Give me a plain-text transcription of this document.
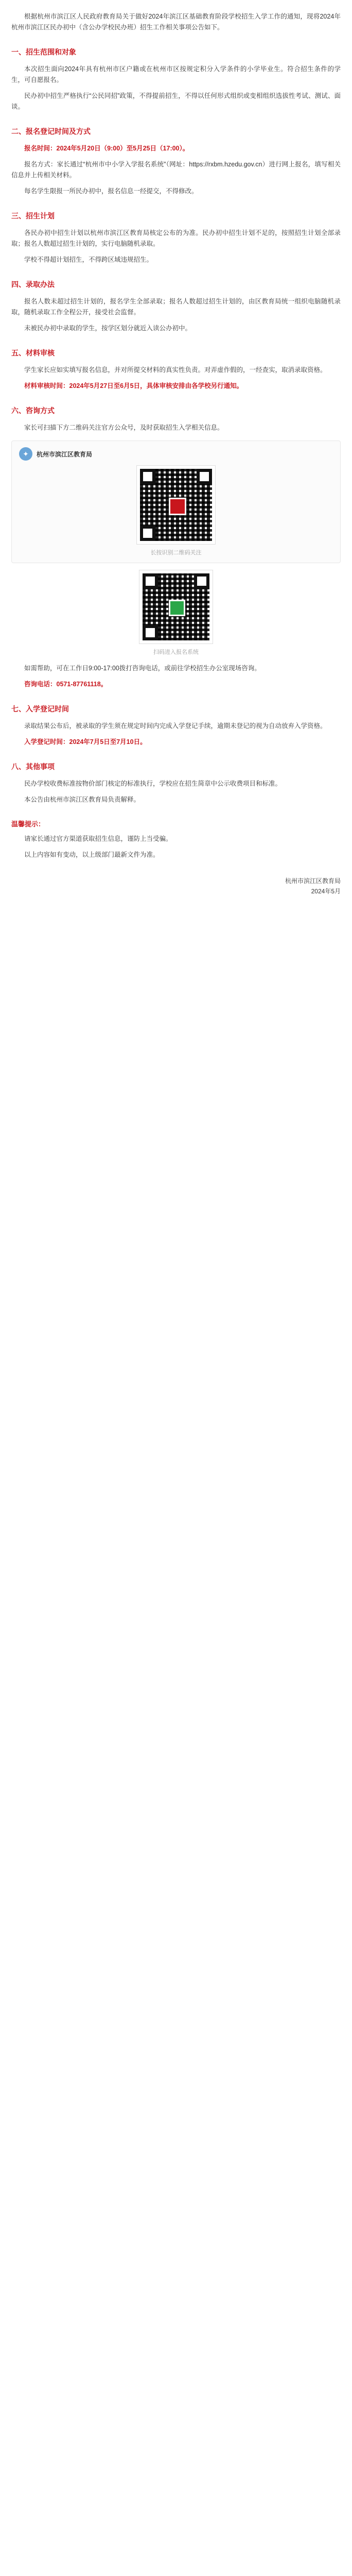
根据杭州市滨江区人民政府教育局关于做好2024年滨江区基础教育阶段学校招生入学工作的通知，现将2024年杭州市滨江区民办初中（含公办学校民办班）招生工作相关事项公告如下。

一、招生范围和对象

本次招生面向2024年具有杭州市区户籍或在杭州市区按规定积分入学条件的小学毕业生。符合招生条件的学生，可自愿报名。

民办初中招生严格执行“公民同招”政策，不得提前招生，不得以任何形式组织或变相组织选拔性考试、测试、面谈。

二、报名登记时间及方式

报名时间：2024年5月20日（9:00）至5月25日（17:00）。

报名方式：家长通过“杭州市中小学入学报名系统”（网址：https://rxbm.hzedu.gov.cn）进行网上报名，填写相关信息并上传相关材料。

每名学生限报一所民办初中，报名信息一经提交，不得修改。

三、招生计划

各民办初中招生计划以杭州市滨江区教育局核定公布的为准。民办初中招生计划不足的，按照招生计划全部录取；报名人数超过招生计划的，实行电脑随机录取。

学校不得超计划招生，不得跨区域违规招生。

四、录取办法

报名人数未超过招生计划的，报名学生全部录取；报名人数超过招生计划的，由区教育局统一组织电脑随机录取，随机录取工作全程公开，接受社会监督。

未被民办初中录取的学生，按学区划分就近入读公办初中。

五、材料审核

学生家长应如实填写报名信息，并对所提交材料的真实性负责。对弄虚作假的，一经查实，取消录取资格。

材料审核时间：2024年5月27日至6月5日，具体审核安排由各学校另行通知。

六、咨询方式

家长可扫描下方二维码关注官方公众号，及时获取招生入学相关信息。

✦	杭州市滨江区教育局
长按识别二维码关注
扫码进入报名系统

如需帮助，可在工作日9:00-17:00拨打咨询电话，或前往学校招生办公室现场咨询。

咨询电话：0571-87761118。

七、入学登记时间

录取结果公布后，被录取的学生须在规定时间内完成入学登记手续，逾期未登记的视为自动放弃入学资格。

入学登记时间：2024年7月5日至7月10日。

八、其他事项

民办学校收费标准按物价部门核定的标准执行，学校应在招生简章中公示收费项目和标准。

本公告由杭州市滨江区教育局负责解释。

温馨提示：

请家长通过官方渠道获取招生信息，谨防上当受骗。

以上内容如有变动，以上级部门最新文件为准。

杭州市滨江区教育局
2024年5月
